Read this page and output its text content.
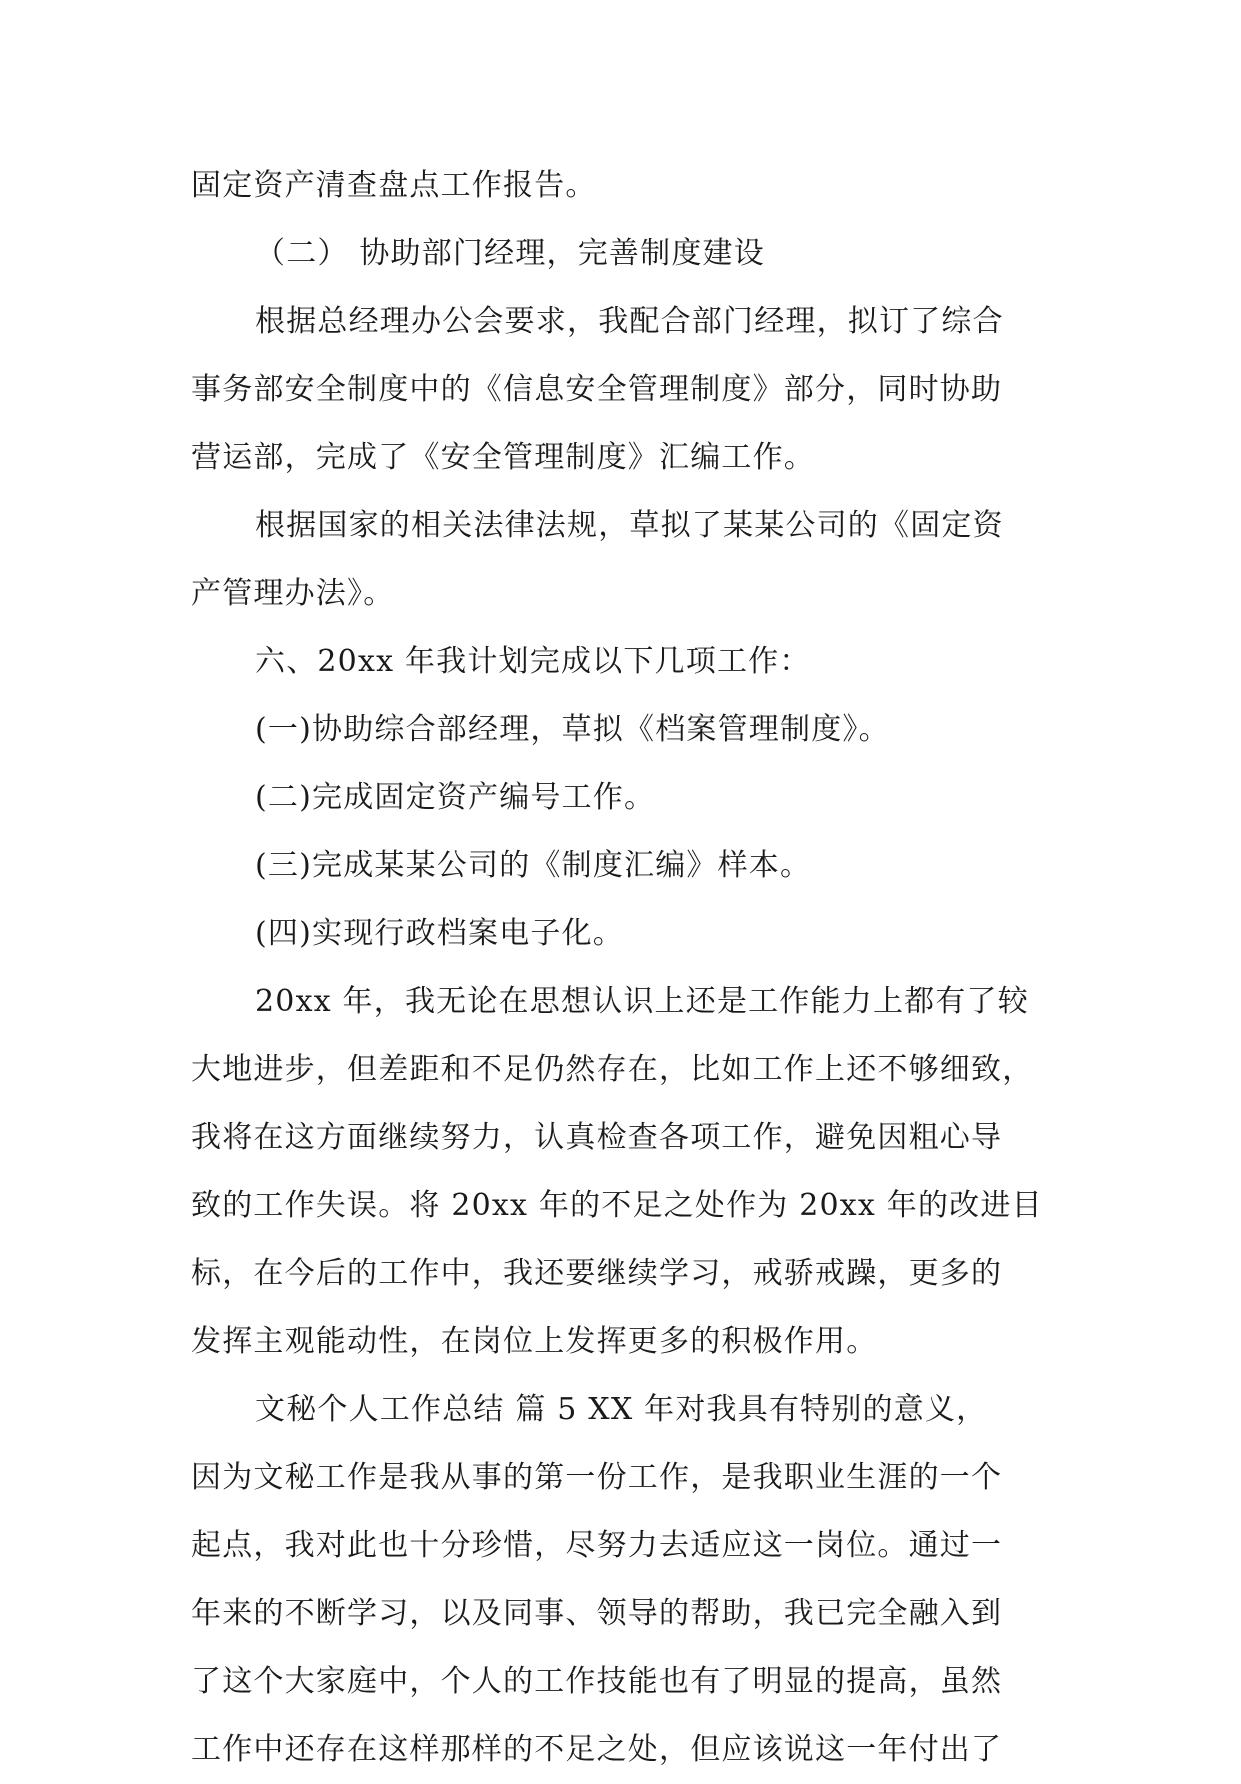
固定资产清查盘点工作报告。
（二） 协助部门经理，完善制度建设
根据总经理办公会要求，我配合部门经理，拟订了综合
事务部安全制度中的《信息安全管理制度》部分，同时协助
营运部，完成了《安全管理制度》汇编工作。
根据国家的相关法律法规，草拟了某某公司的《固定资
产管理办法》。
六、20xx 年我计划完成以下几项工作：
(一)协助综合部经理，草拟《档案管理制度》。
(二)完成固定资产编号工作。
(三)完成某某公司的《制度汇编》样本。
(四)实现行政档案电子化。
20xx 年，我无论在思想认识上还是工作能力上都有了较
大地进步，但差距和不足仍然存在，比如工作上还不够细致，
我将在这方面继续努力，认真检查各项工作，避免因粗心导
致的工作失误。将 20xx 年的不足之处作为 20xx 年的改进目
标，在今后的工作中，我还要继续学习，戒骄戒躁，更多的
发挥主观能动性，在岗位上发挥更多的积极作用。
文秘个人工作总结 篇 5 XX 年对我具有特别的意义，
因为文秘工作是我从事的第一份工作，是我职业生涯的一个
起点，我对此也十分珍惜，尽努力去适应这一岗位。通过一
年来的不断学习，以及同事、领导的帮助，我已完全融入到
了这个大家庭中，个人的工作技能也有了明显的提高，虽然
工作中还存在这样那样的不足之处，但应该说这一年付出了
